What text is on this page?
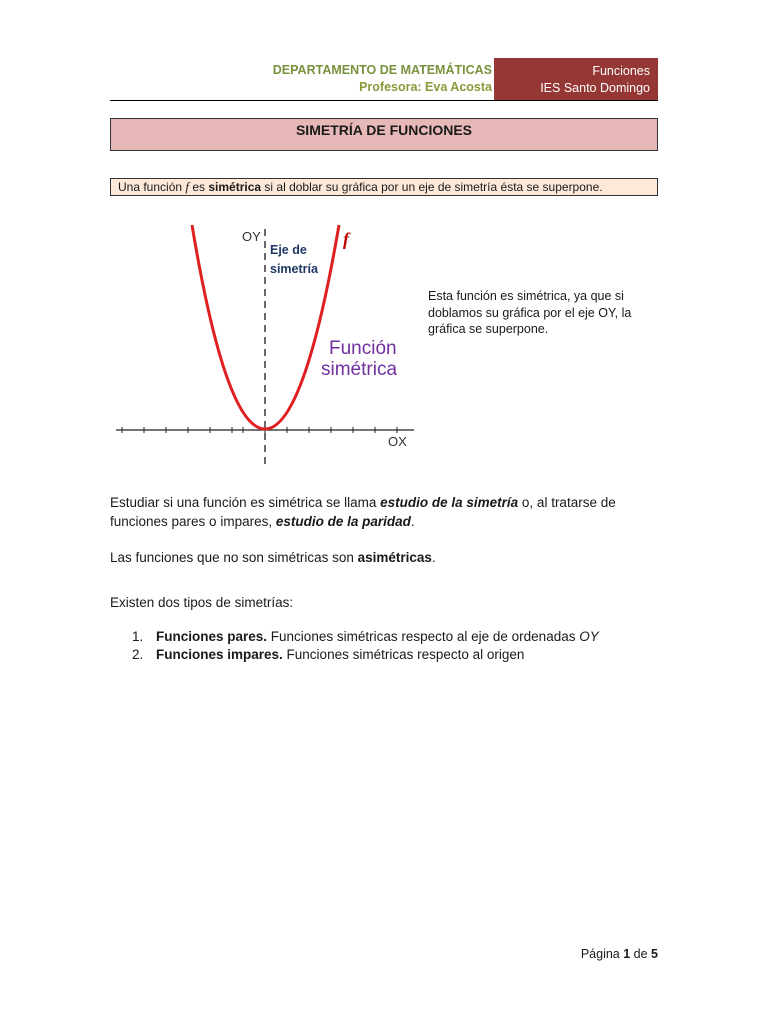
DEPARTAMENTO DE MATEMÁTICAS
Profesora: Eva Acosta
Funciones
IES Santo Domingo
SIMETRÍA DE FUNCIONES
Una función f es simétrica si al doblar su gráfica por un eje de simetría ésta se superpone.
OY
OX
Eje de
simetría
f
Función
simétrica
Esta función es simétrica, ya que si doblamos su gráfica por el eje OY, la gráfica se superpone.
Estudiar si una función es simétrica se llama estudio de la simetría o, al tratarse de funciones pares o impares, estudio de la paridad.
Las funciones que no son simétricas son asimétricas.
Existen dos tipos de simetrías:
1. Funciones pares. Funciones simétricas respecto al eje de ordenadas OY
2. Funciones impares. Funciones simétricas respecto al origen
Página 1 de 5
